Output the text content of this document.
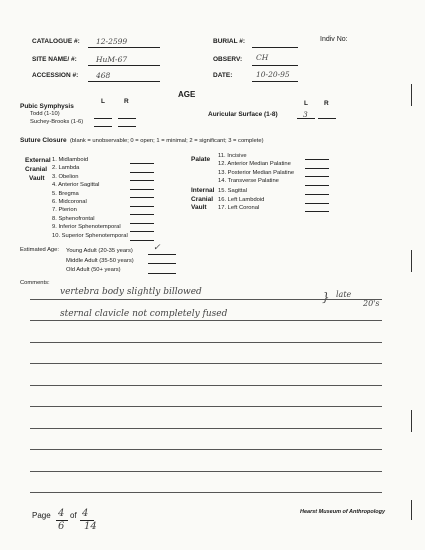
CATALOGUE #: 12-2599	BURIAL #:	Indiv No:
SITE NAME/ #:	HuM-67	OBSERV: CH
ACCESSION #: 468	DATE:	10-20-95
AGE
Pubic Symphysis
L	R
Todd (1-10)
Suchey-Brooks (1-6)
Auricular Surface (1-8)
L R
3
Suture Closure (blank = unobservable; 0 = open; 1 = minimal; 2 = significant; 3 = complete)
External
Cranial
Vault
1. Midlamboid
2. Lambda
3. Obelion
4. Anterior Sagittal
5. Bregma
6. Midcoronal
7. Pterion
8. Sphenofrontal
9. Inferior Sphenotemporal
10. Superior Sphenotemporal
Palate 11. Incisive
12. Anterior Median Palatine
13. Posterior Median Palatine
14. Transverse Palatine
Internal
Cranial
Vault
15. Sagittal
16. Left Lambdoid
17. Left Coronal
Estimated Age: Young Adult (20-35 years)
Middle Adult (35-50 years)
Old Adult (50+ years)
✓
Comments:
vertebra body slightly billowed
sternal clavicle not completely fused
late
20's
}
Page 4 of 4
6 14
Hearst Museum of Anthropology
